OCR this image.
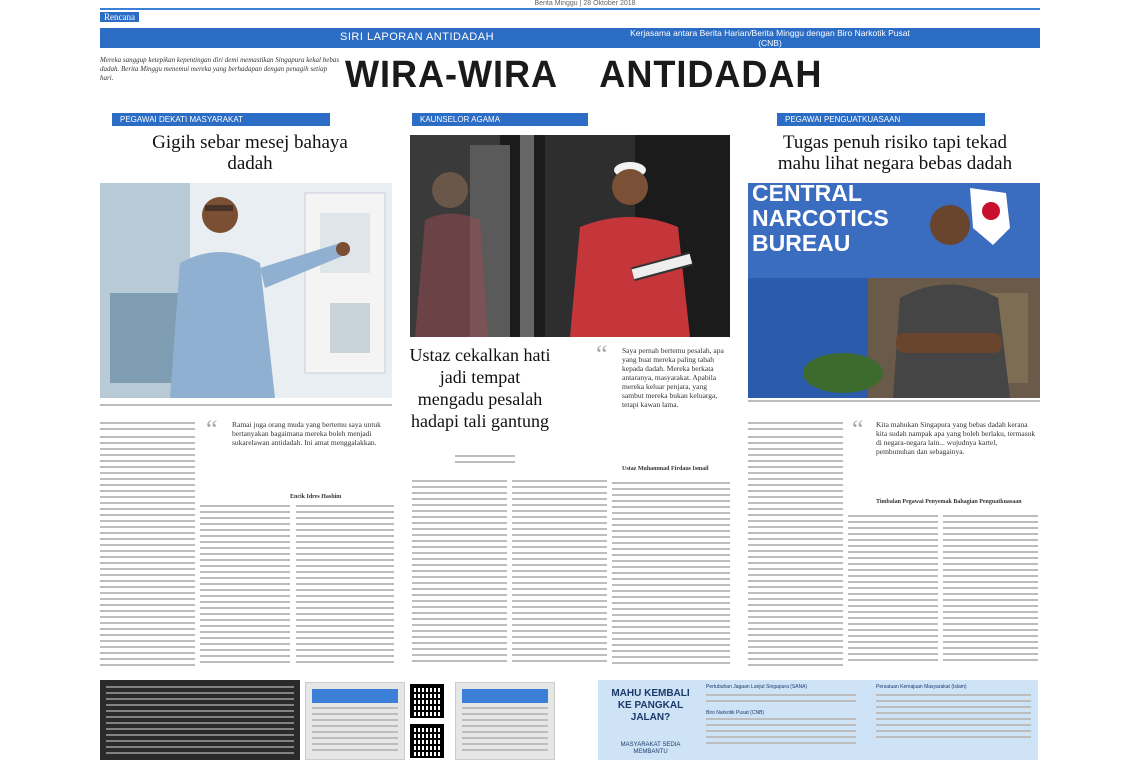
Berita Minggu | 28 Oktober 2018
Rencana
SIRI LAPORAN ANTIDADAH	Kerjasama antara Berita Harian/Berita Minggu dengan Biro Narkotik Pusat (CNB)
Mereka sanggup ketepikan kepentingan diri demi memastikan Singapura kekal bebas dadah. Berita Minggu menemui mereka yang berhadapan dengan penagih setiap hari.	WIRA-WIRA    ANTIDADAH
PEGAWAI DEKATI MASYARAKAT
Gigih sebar mesej bahaya dadah

“ Ramai juga orang muda yang bertemu saya untuk bertanyakan bagaimana mereka boleh menjadi sukarelawan antidadah. Ini amat menggalakkan.
Encik Idres Hashim
KAUNSELOR AGAMA

Ustaz cekalkan hati jadi tempat mengadu pesalah hadapi tali gantung
“ Saya pernah bertemu pesalah, apa yang buat mereka paling tabah kepada dadah. Mereka berkata antaranya, masyarakat. Apabila mereka keluar penjara, yang sambut mereka bukan keluarga, tetapi kawan lama.
Ustaz Muhammad Firdaus Ismail
PEGAWAI PENGUATKUASAAN
Tugas penuh risiko tapi tekad mahu lihat negara bebas dadah
CENTRAL NARCOTICS BUREAU
“ Kita mahukan Singapura yang bebas dadah kerana kita sudah nampak apa yang boleh berlaku, termasuk di negara-negara lain... wujudnya kartel, pembunuhan dan sebagainya.
Timbalan Pegawai Penyemak Bahagian Penguatkuasaan
MAHU KEMBALI KE PANGKAL JALAN?
MASYARAKAT SEDIA MEMBANTU
Pertubuhan Jagaan Lanjut Singapura (SANA)
Biro Narkotik Pusat (CNB)
Persatuan Kemajuan Masyarakat (Islam)
